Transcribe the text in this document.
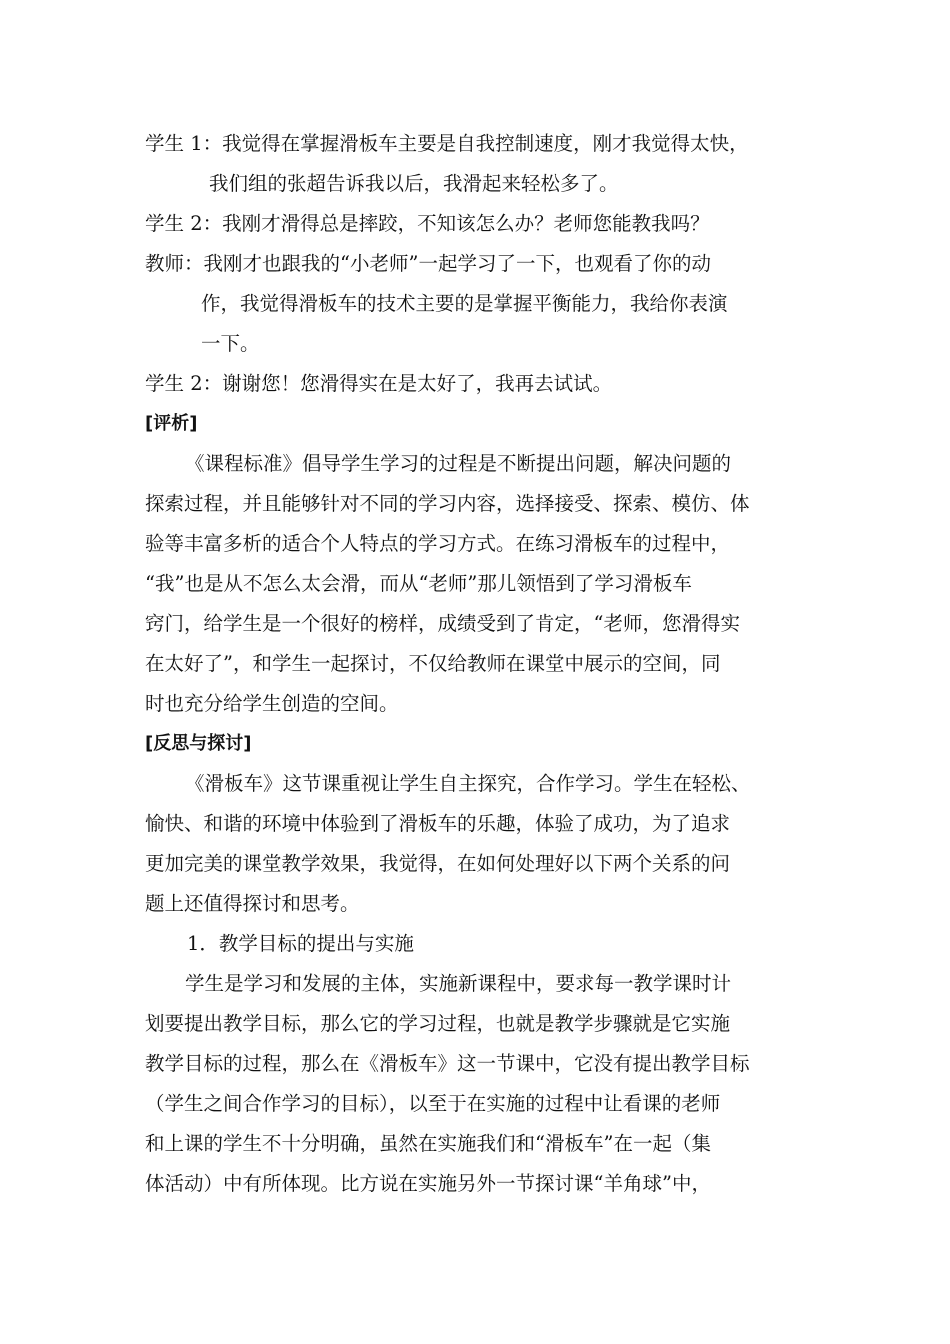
学生 1：我觉得在掌握滑板车主要是自我控制速度，刚才我觉得太快，
我们组的张超告诉我以后，我滑起来轻松多了。
学生 2：我刚才滑得总是摔跤，不知该怎么办？老师您能教我吗？
教师：我刚才也跟我的“小老师”一起学习了一下，也观看了你的动
作，我觉得滑板车的技术主要的是掌握平衡能力，我给你表演
一下。
学生 2：谢谢您！您滑得实在是太好了，我再去试试。
[评析]
《课程标准》倡导学生学习的过程是不断提出问题，解决问题的
探索过程，并且能够针对不同的学习内容，选择接受、探索、模仿、体
验等丰富多析的适合个人特点的学习方式。在练习滑板车的过程中，
“我”也是从不怎么太会滑，而从“老师”那儿领悟到了学习滑板车
窍门，给学生是一个很好的榜样，成绩受到了肯定，“老师，您滑得实
在太好了”，和学生一起探讨，不仅给教师在课堂中展示的空间，同
时也充分给学生创造的空间。
[反思与探讨]
《滑板车》这节课重视让学生自主探究，合作学习。学生在轻松、
愉快、和谐的环境中体验到了滑板车的乐趣，体验了成功，为了追求
更加完美的课堂教学效果，我觉得，在如何处理好以下两个关系的问
题上还值得探讨和思考。
1．教学目标的提出与实施
学生是学习和发展的主体，实施新课程中，要求每一教学课时计
划要提出教学目标，那么它的学习过程，也就是教学步骤就是它实施
教学目标的过程，那么在《滑板车》这一节课中，它没有提出教学目标
（学生之间合作学习的目标），以至于在实施的过程中让看课的老师
和上课的学生不十分明确，虽然在实施我们和“滑板车”在一起（集
体活动）中有所体现。比方说在实施另外一节探讨课“羊角球”中，
